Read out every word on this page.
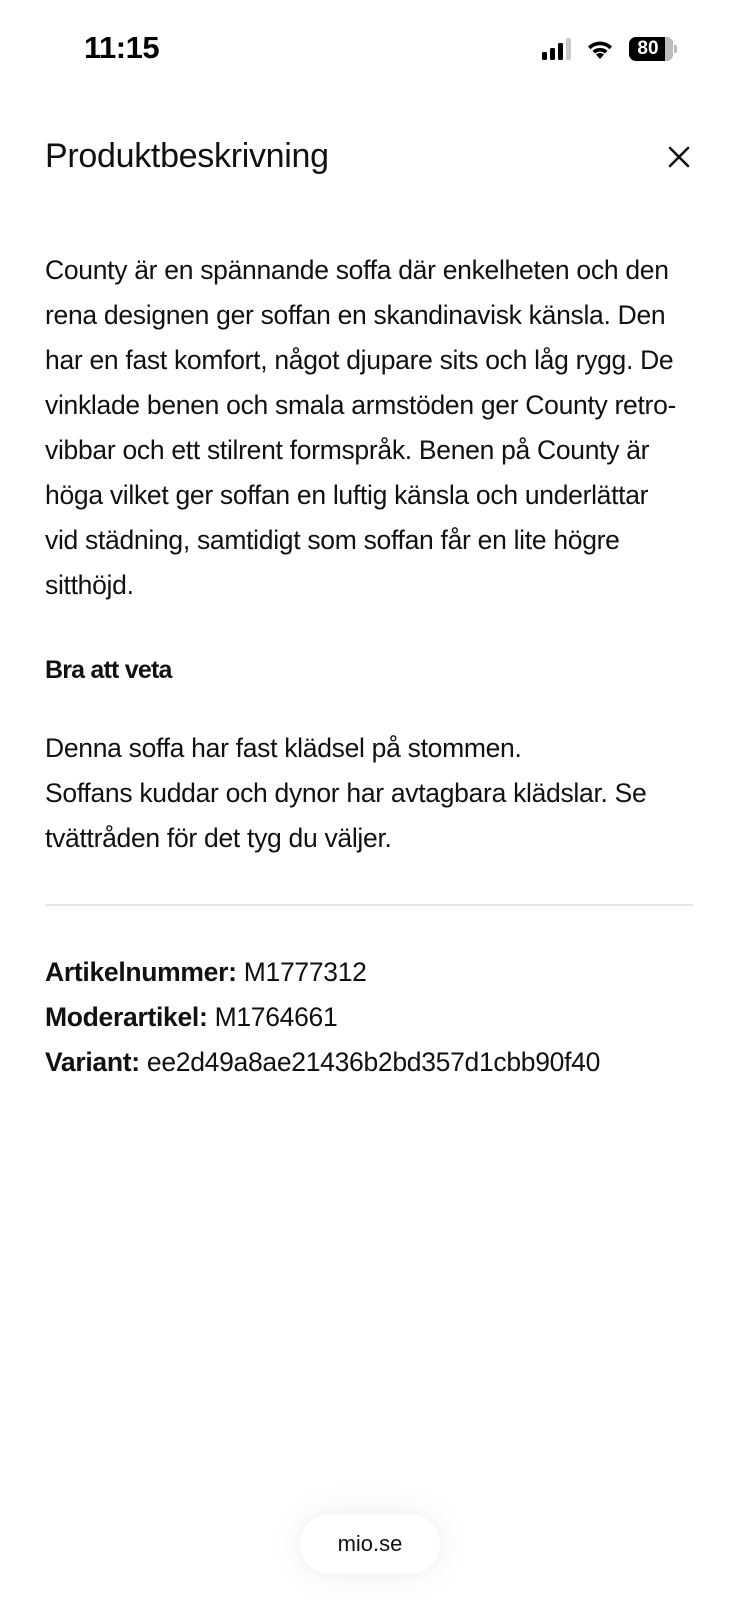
11:15	80
Produktbeskrivning

County är en spännande soffa där enkelheten och den rena designen ger soffan en skandinavisk känsla. Den har en fast komfort, något djupare sits och låg rygg. De vinklade benen och smala armstöden ger County retro-vibbar och ett stilrent formspråk. Benen på County är höga vilket ger soffan en luftig känsla och underlättar vid städning, samtidigt som soffan får en lite högre sitthöjd.

Bra att veta

Denna soffa har fast klädsel på stommen.

Soffans kuddar och dynor har avtagbara klädslar. Se tvättråden för det tyg du väljer.

Artikelnummer: M1777312
Moderartikel: M1764661
Variant: ee2d49a8ae21436b2bd357d1cbb90f40
mio.se
